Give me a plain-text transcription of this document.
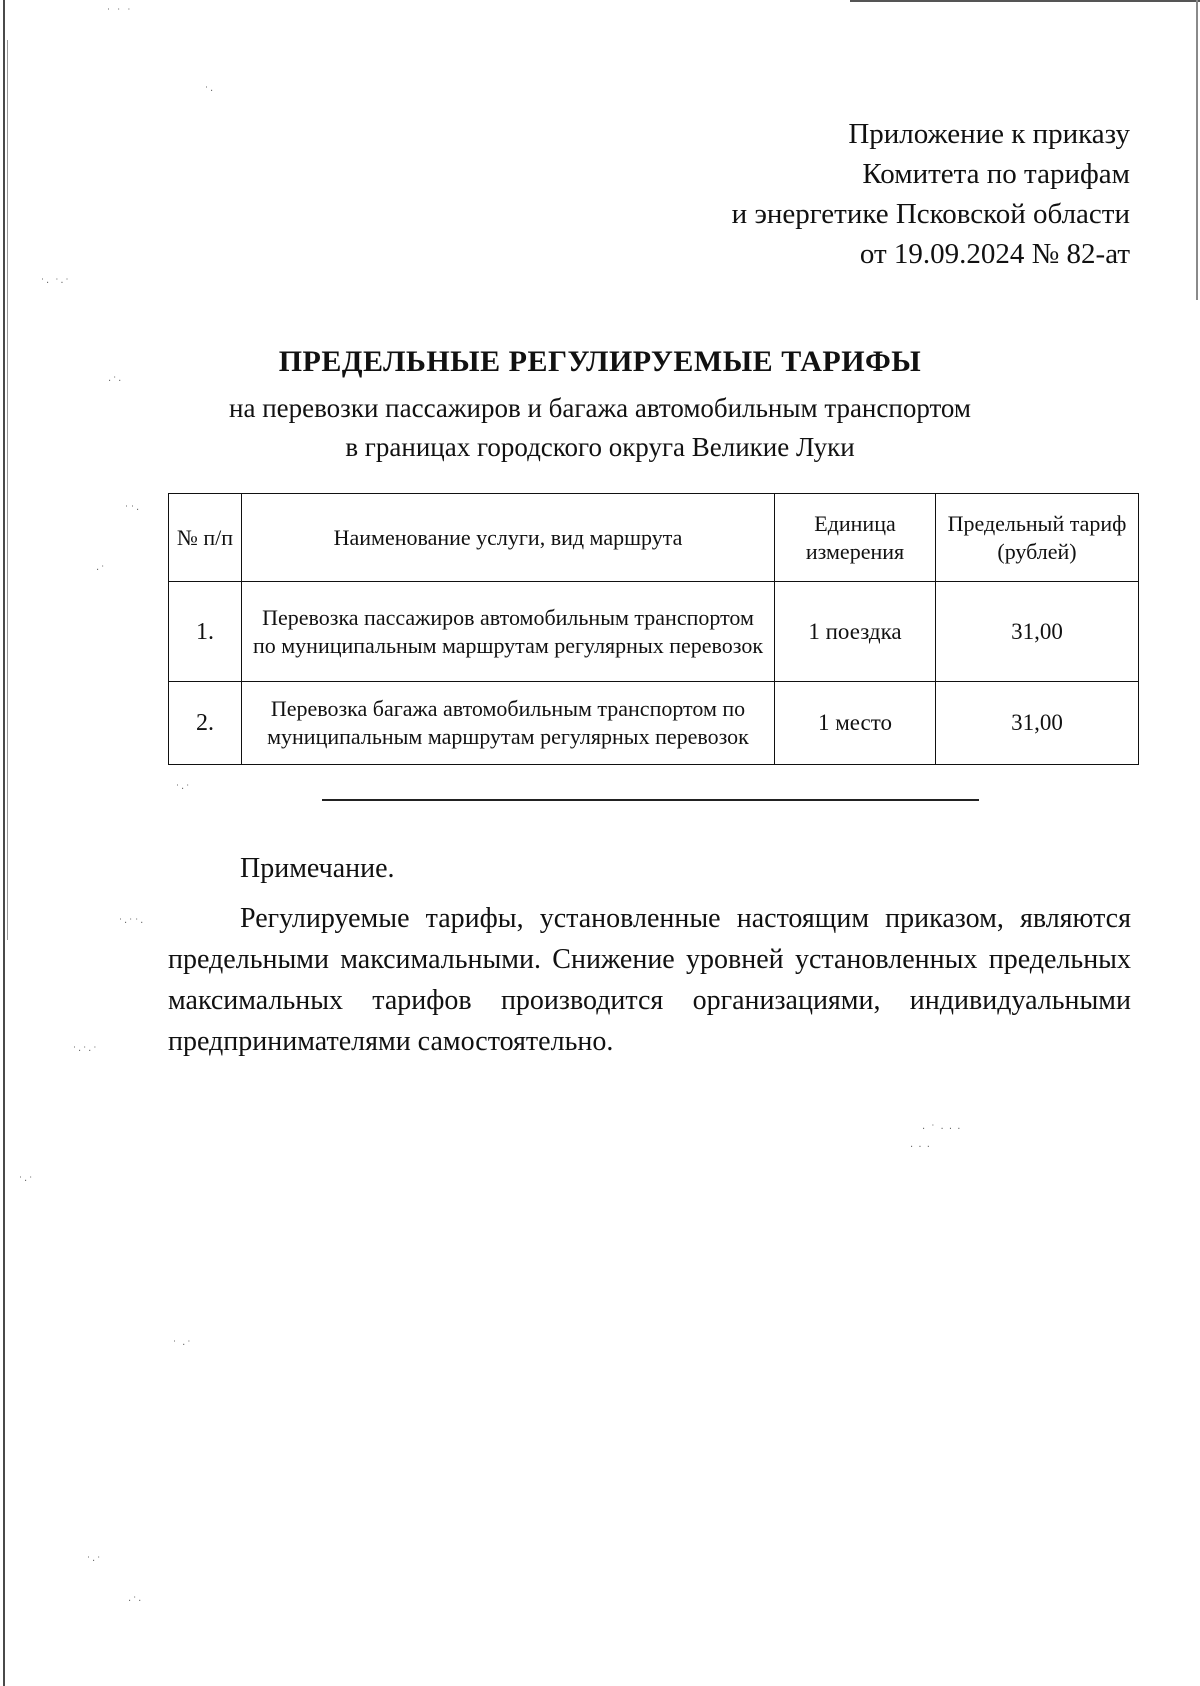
˙ ˙ ˙
˙·
˙· ˙·˙
·˙·
˙˙·
·˙
˙·˙
˙·˙˙·
˙·˙·˙
˙·˙
˙ ·˙
˙·˙
·˙·
· ˙ · · ·
· · ·
Приложение к приказу
Комитета по тарифам
и энергетике Псковской области
от 19.09.2024 № 82-ат
ПРЕДЕЛЬНЫЕ РЕГУЛИРУЕМЫЕ ТАРИФЫ
на перевозки пассажиров и багажа автомобильным транспортом
в границах городского округа Великие Луки
№ п/п	Наименование услуги, вид маршрута	Единица измерения	Предельный тариф (рублей)
1.	Перевозка пассажиров автомобильным транспортом по муниципальным маршрутам регулярных перевозок	1 поездка	31,00
2.	Перевозка багажа автомобильным транспортом по муниципальным маршрутам регулярных перевозок	1 место	31,00
Примечание.
Регулируемые тарифы, установленные настоящим приказом, являются предельными максимальными. Снижение уровней установленных предельных максимальных тарифов производится организациями, индивидуальными предпринимателями самостоятельно.
